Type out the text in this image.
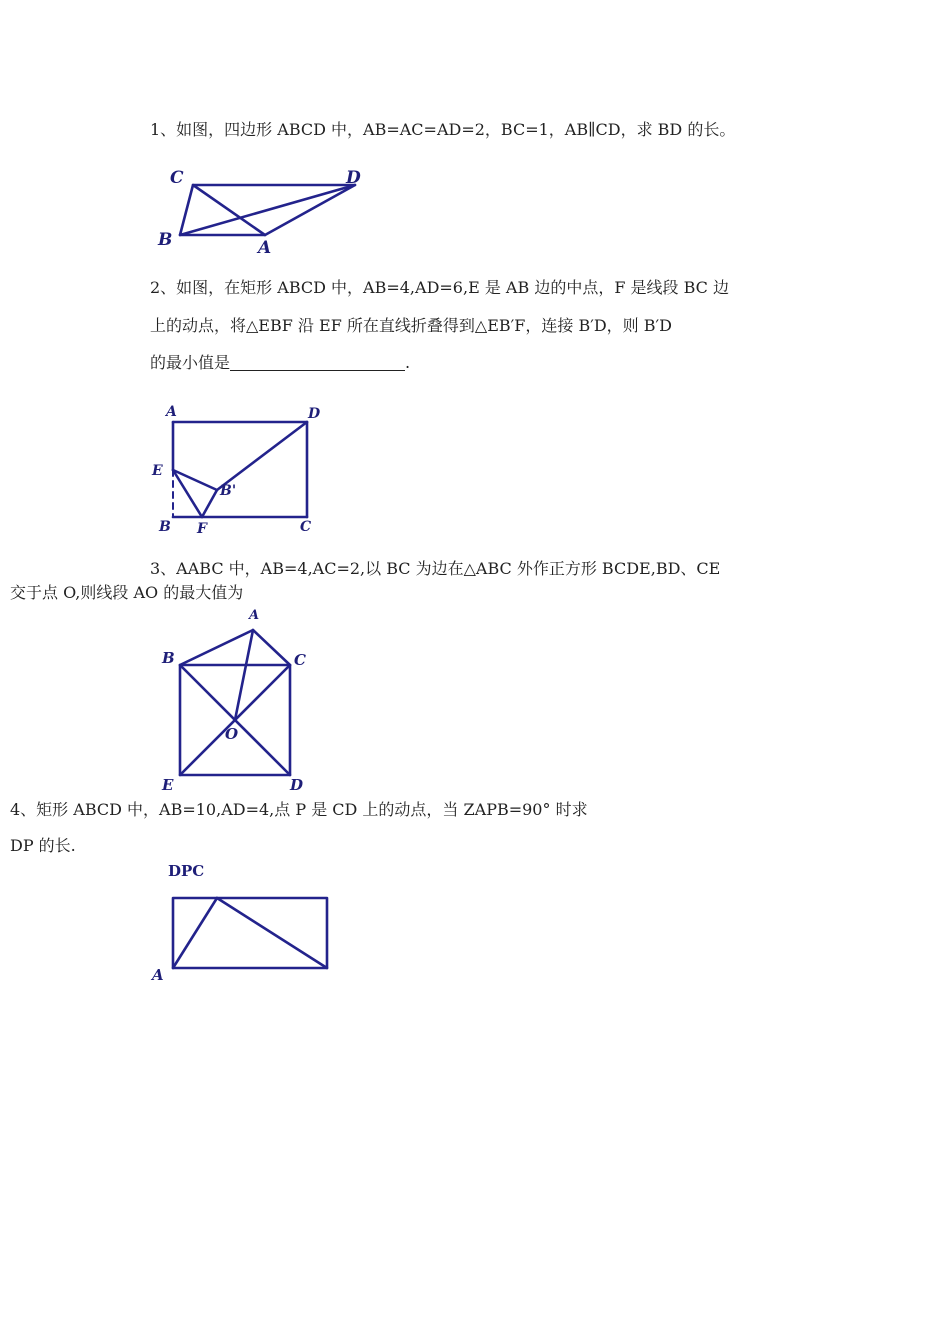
1、如图，四边形 ABCD 中，AB=AC=AD=2，BC=1，AB∥CD，求 BD 的长。
C	D
B	A
2、如图，在矩形 ABCD 中，AB=4,AD=6,E 是 AB 边的中点，F 是线段 BC 边
上的动点，将△EBF 沿 EF 所在直线折叠得到△EB′F，连接 B′D，则 B′D
的最小值是	.
A	D
E
B'
B F	C
3、AABC 中，AB=4,AC=2,以 BC 为边在△ABC 外作正方形 BCDE,BD、CE
交于点 O,则线段 AO 的最大值为
A
B	C
O
E	D
4、矩形 ABCD 中，AB=10,AD=4,点 P 是 CD 上的动点，当 ZAPB=90° 时求
DP 的长.
DPC
A
